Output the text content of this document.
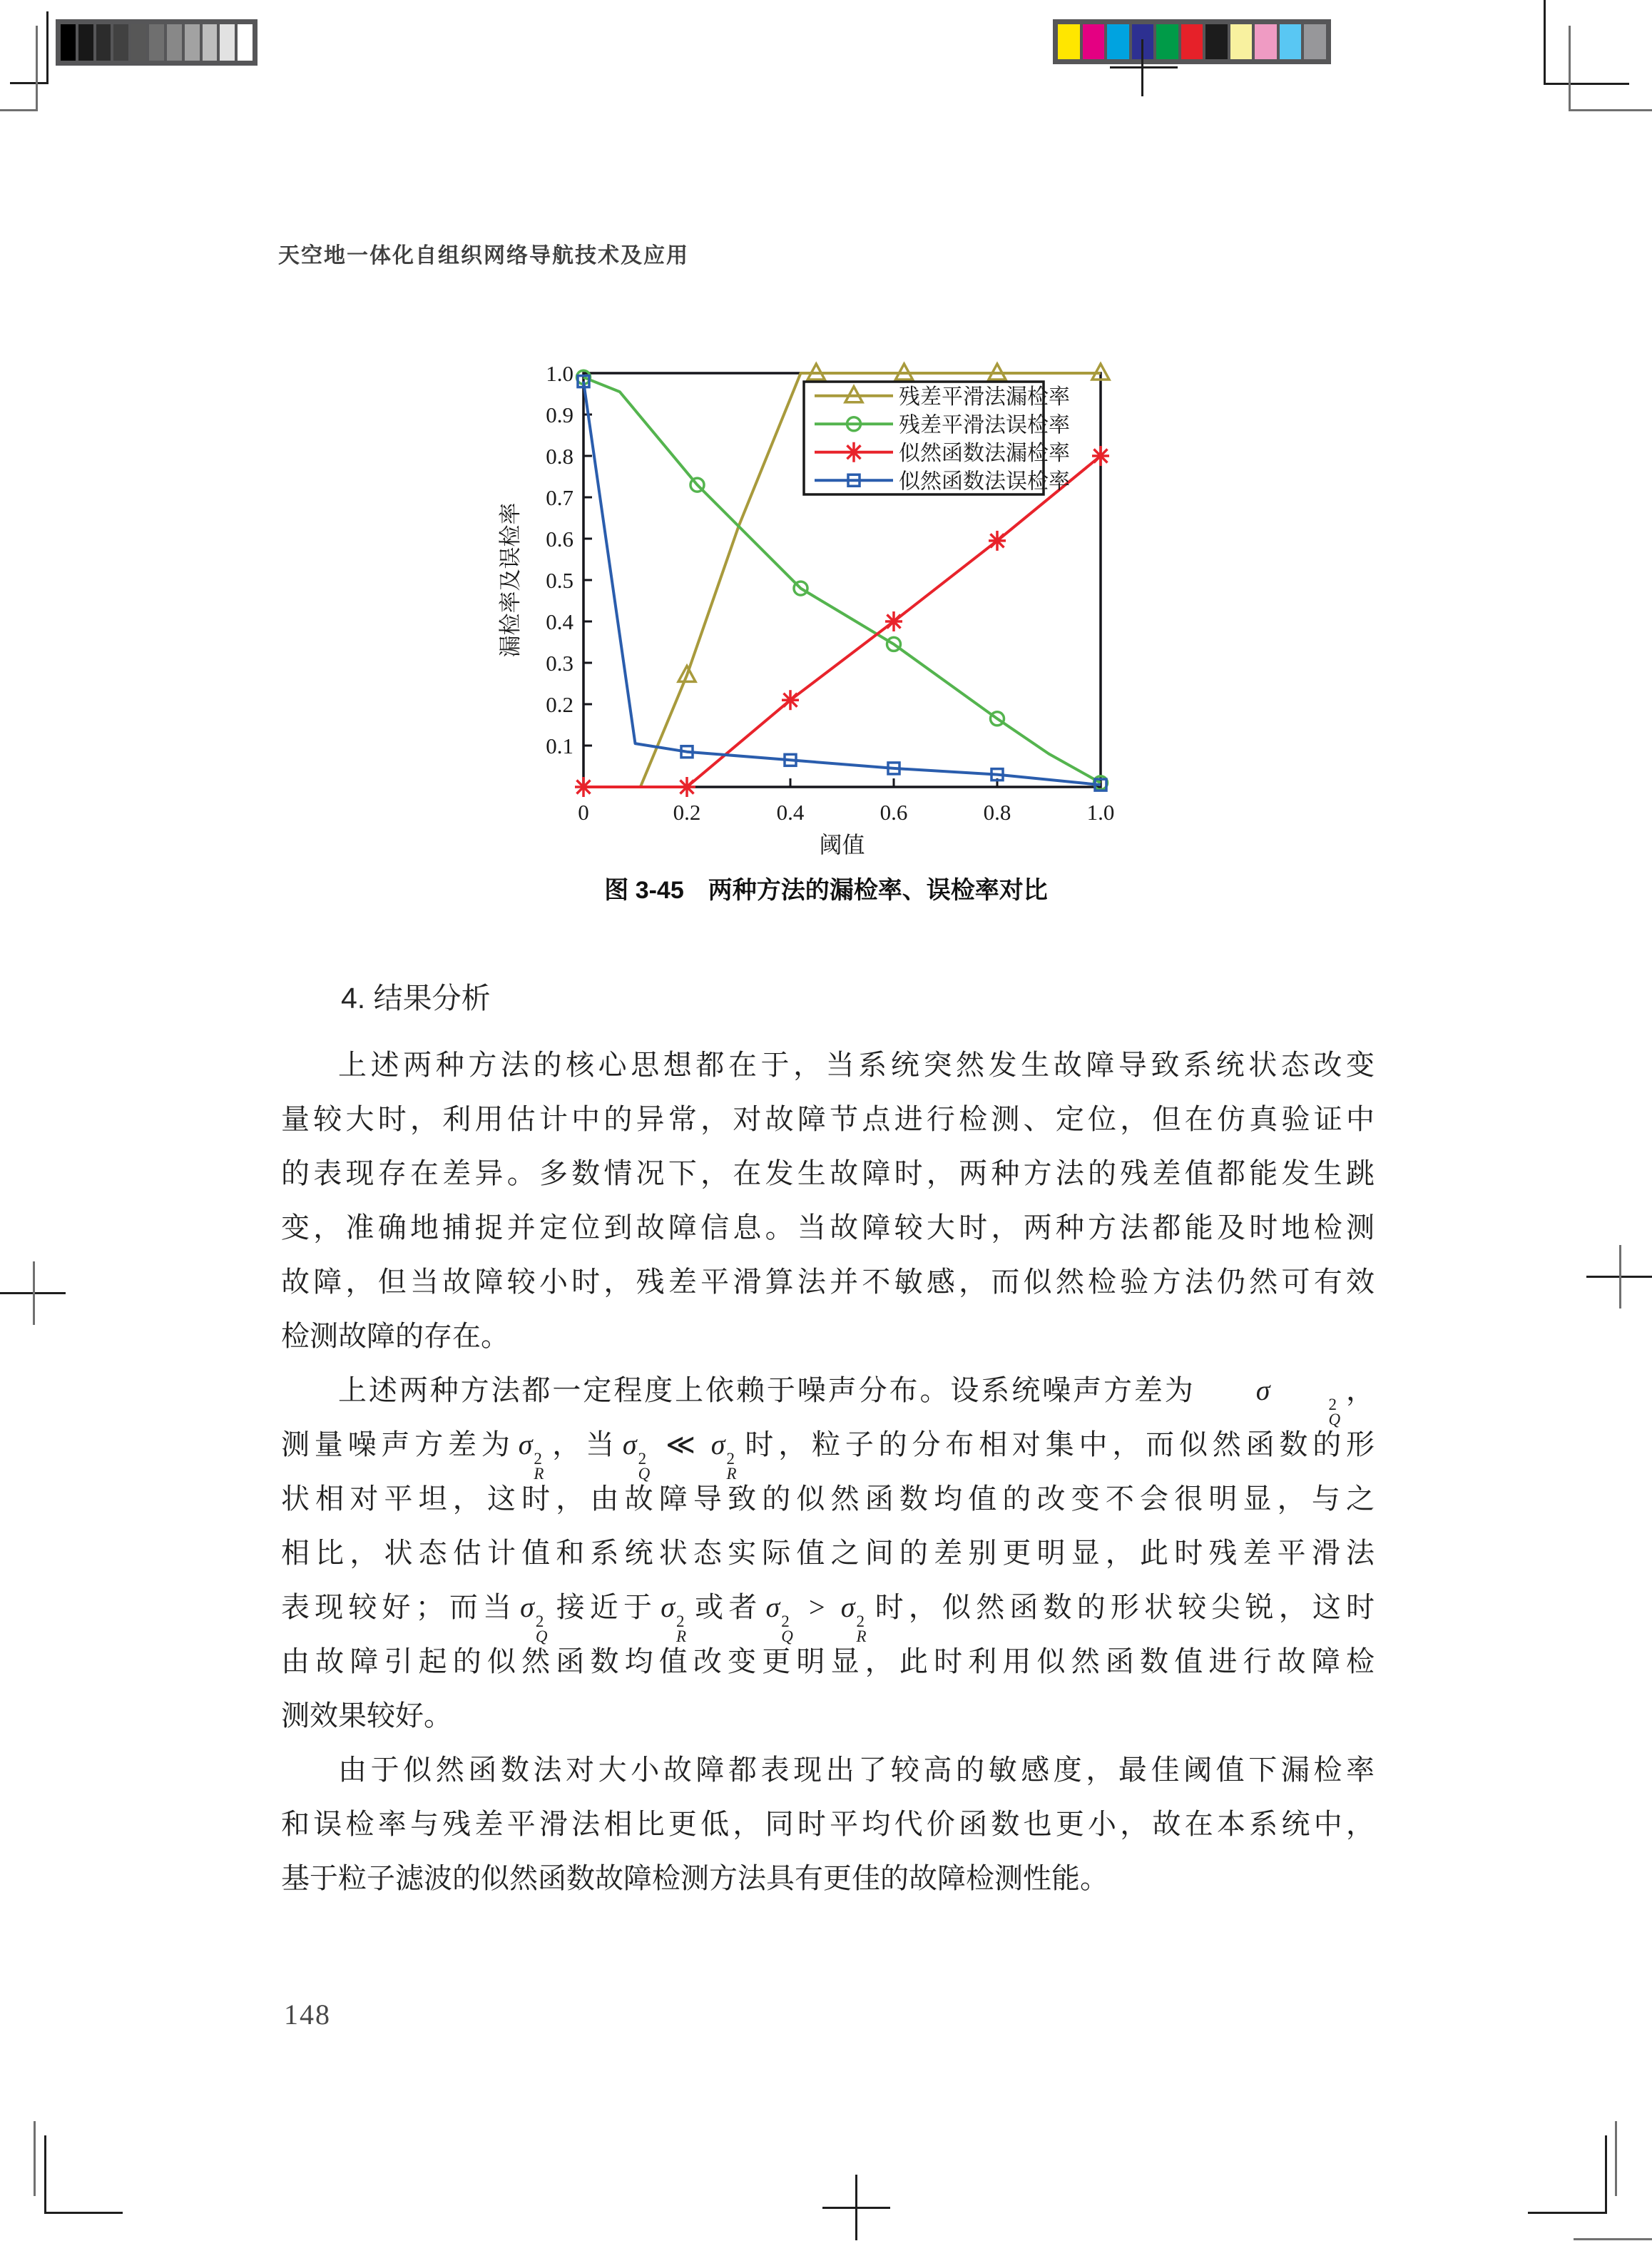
天空地一体化自组织网络导航技术及应用
0.1
0.2
0.3
0.4
0.5
0.6
0.7
0.8
0.9
1.0
0	0.2	0.4	0.6	0.8	1.0
漏检率及误检率
阈值
残差平滑法漏检率
残差平滑法误检率
似然函数法漏检率
似然函数法误检率
图 3-45　两种方法的漏检率、误检率对比
4. 结果分析
上述两种方法的核心思想都在于，当系统突然发生故障导致系统状态改变
量较大时，利用估计中的异常，对故障节点进行检测、定位，但在仿真验证中
的表现存在差异。多数情况下，在发生故障时，两种方法的残差值都能发生跳
变，准确地捕捉并定位到故障信息。当故障较大时，两种方法都能及时地检测
故障，但当故障较小时，残差平滑算法并不敏感，而似然检验方法仍然可有效
检测故障的存在。
上述两种方法都一定程度上依赖于噪声分布。设系统噪声方差为 σ	2
Q
，
测量噪声方差为 σ 2
R
，当 σ 2
Q
≪ σ 2
R
时，粒子的分布相对集中，而似然函数的形
状相对平坦，这时，由故障导致的似然函数均值的改变不会很明显，与之
相比，状态估计值和系统状态实际值之间的差别更明显，此时残差平滑法
表现较好；而当 σ 2
Q
接近于 σ 2
R
或者 σ 2
Q
> σ 2
R
时，似然函数的形状较尖锐，这时
由故障引起的似然函数均值改变更明显，此时利用似然函数值进行故障检
测效果较好。
由于似然函数法对大小故障都表现出了较高的敏感度，最佳阈值下漏检率
和误检率与残差平滑法相比更低，同时平均代价函数也更小，故在本系统中，
基于粒子滤波的似然函数故障检测方法具有更佳的故障检测性能。
148
